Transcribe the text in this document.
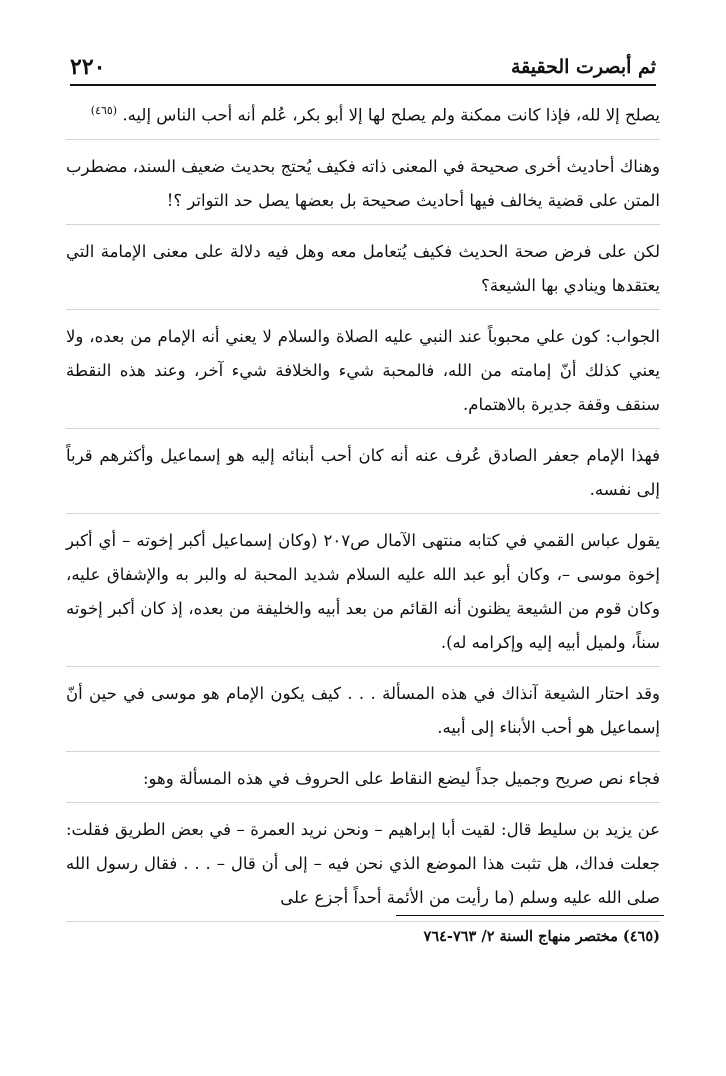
٢٢٠	ثم أبصرت الحقيقة

يصلح إلا لله، فإذا كانت ممكنة ولم يصلح لها إلا أبو بكر، عُلم أنه أحب الناس إليه. $^{(٤٦٥)}$

وهناك أحاديث أخرى صحيحة في المعنى ذاته فكيف يُحتج بحديث ضعيف السند، مضطرب المتن على قضية يخالف فيها أحاديث صحيحة بل بعضها يصل حد التواتر ؟!

لكن على فرض صحة الحديث فكيف يُتعامل معه وهل فيه دلالة على معنى الإمامة التي يعتقدها وينادي بها الشيعة؟

الجواب: كون علي محبوباً عند النبي عليه الصلاة والسلام لا يعني أنه الإمام من بعده، ولا يعني كذلك أنّ إمامته من الله، فالمحبة شيء والخلافة شيء آخر، وعند هذه النقطة سنقف وقفة جديرة بالاهتمام.

فهذا الإمام جعفر الصادق عُرف عنه أنه كان أحب أبنائه إليه هو إسماعيل وأكثرهم قرباً إلى نفسه.

يقول عباس القمي في كتابه منتهى الآمال ص٢٠٧ (وكان إسماعيل أكبر إخوته – أي أكبر إخوة موسى –، وكان أبو عبد الله عليه السلام شديد المحبة له والبر به والإشفاق عليه، وكان قوم من الشيعة يظنون أنه القائم من بعد أبيه والخليفة من بعده، إذ كان أكبر إخوته سناً، ولميل أبيه إليه وإكرامه له).

وقد احتار الشيعة آنذاك في هذه المسألة . . . كيف يكون الإمام هو موسى في حين أنّ إسماعيل هو أحب الأبناء إلى أبيه.

فجاء نص صريح وجميل جداً ليضع النقاط على الحروف في هذه المسألة وهو:

عن يزيد بن سليط قال: لقيت أبا إبراهيم – ونحن نريد العمرة – في بعض الطريق فقلت: جعلت فداك، هل تثبت هذا الموضع الذي نحن فيه – إلى أن قال – . . . فقال رسول الله صلى الله عليه وسلم (ما رأيت من الأئمة أحداً أجزع على

(٤٦٥) مختصر منهاج السنة ٢/ ٧٦٣-٧٦٤
